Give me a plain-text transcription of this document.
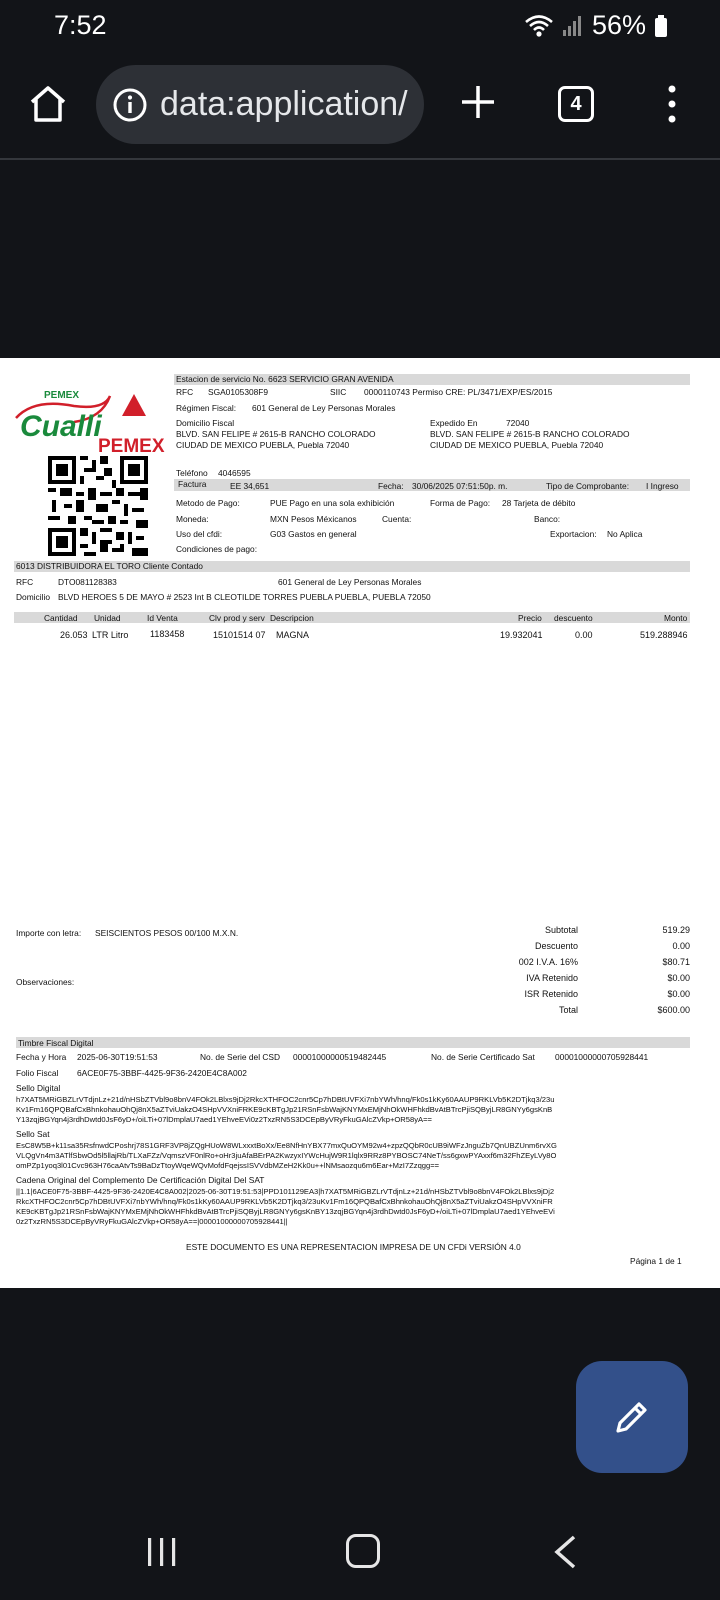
7:52	56%
data:application/	4
PEMEX
Cualli
PEMEX
Estacion de servicio No. 6623 SERVICIO GRAN AVENIDA
RFC SGA0105308F9	SIIC 0000110743 Permiso CRE: PL/3471/EXP/ES/2015
Régimen Fiscal: 601 General de Ley Personas Morales
Domicilio Fiscal
BLVD. SAN FELIPE # 2615-B RANCHO COLORADO
CIUDAD DE MEXICO PUEBLA, Puebla 72040
Expedido En	72040
BLVD. SAN FELIPE # 2615-B RANCHO COLORADO
CIUDAD DE MEXICO PUEBLA, Puebla 72040
Teléfono 4046595
Factura	EE 34,651	Fecha: 30/06/2025 07:51:50p. m.	Tipo de Comprobante: I Ingreso
Metodo de Pago:	PUE Pago en una sola exhibición	Forma de Pago: 28 Tarjeta de débito
Moneda:	MXN Pesos Méxicanos	Cuenta:	Banco:
Uso del cfdi:	G03 Gastos en general	Exportacion: No Aplica
Condiciones de pago:
6013 DISTRIBUIDORA EL TORO Cliente Contado
RFC	DTO081128383	601 General de Ley Personas Morales
Domicilio BLVD HEROES 5 DE MAYO # 2523 Int B CLEOTILDE TORRES PUEBLA PUEBLA, PUEBLA 72050
Cantidad Unidad	Id Venta	Clv prod y serv Descripcion	Precio descuento	Monto
26.053 LTR Litro 1183458	15101514 07 MAGNA	19.932041	0.00	519.288946
Importe con letra: SEISCIENTOS PESOS 00/100 M.X.N.
Observaciones:
Subtotal	519.29
Descuento	0.00
002 I.V.A. 16%	$80.71
IVA Retenido	$0.00
ISR Retenido	$0.00
Total	$600.00
Timbre Fiscal Digital
Fecha y Hora 2025-06-30T19:51:53	No. de Serie del CSD 00001000000519482445	No. de Serie Certificado Sat 00001000000705928441
Folio Fiscal 6ACE0F75-3BBF-4425-9F36-2420E4C8A002
Sello Digital
h7XAT5MRiGBZLrVTdjnLz+21d/nHSbZTVbl9o8bnV4FOk2LBlxs9jDj2RkcXTHFOC2cnr5Cp7hDBtUVFXi7nbYWh/hnq/Fk0s1kKy60AAUP9RKLVb5K2DTjkq3/23u
Kv1Fm16QPQBafCxBhnkohauOhQj8nX5aZTviUakzO4SHpVVXniFRKE9cKBTgJp21RSnFsbWajKNYMxEMjNhOkWHFhkdBvAtBTrcPjiSQByjLR8GNYy6gsKnB
Y13zqjBGYqn4j3rdhDwtd0JsF6yD+/oiLTi+07lDmplaU7aed1YEhveEVi0z2TxzRN5S3DCEpByVRyFkuGAlcZVkp+OR58yA==
Sello Sat
EsC8W5B+k11sa35RsfnwdCPoshrj78S1GRF3VP8jZQgHUoW8WLxxxtBoXx/Ee8NfHnYBX77mxQuOYM92w4+zpzQQbR0cUB9iWFzJnguZb7QnUBZUnm6rvXG
VLQgVn4m3ATlfSbwOd5l5llajRb/TLXaFZz/VqmszVF0nlRo+oHr3juAfaBErPA2KwzyxIYWcHujW9R1lqlx9RRz8PYBOSC74NeT/ss6gxwPYAxxf6m32FhZEyLVy8O
omPZp1yoq3l01Cvc963H76caAtvTs9BaDzTtoyWqeWQvMofdFqejssISVVdbMZeH2Kk0u++lNMsaozqu6m6Ear+MzI7Zzqgg==
Cadena Original del Complemento De Certificación Digital Del SAT
||1.1|6ACE0F75-3BBF-4425-9F36-2420E4C8A002|2025-06-30T19:51:53|PPD101129EA3|h7XAT5MRiGBZLrVTdjnLz+21d/nHSbZTVbl9o8bnV4FOk2LBlxs9jDj2
RkcXTHFOC2cnr5Cp7hDBtUVFXi7nbYWh/hnq/Fk0s1kKy60AAUP9RKLVb5K2DTjkq3/23uKv1Fm16QPQBafCxBhnkohauOhQj8nX5aZTviUakzO4SHpVVXniFR
KE9cKBTgJp21RSnFsbWajKNYMxEMjNhOkWHFhkdBvAtBTrcPjiSQByjLR8GNYy6gsKnBY13zqjBGYqn4j3rdhDwtd0JsF6yD+/oiLTi+07lDmplaU7aed1YEhveEVi
0z2TxzRN5S3DCEpByVRyFkuGAlcZVkp+OR58yA==|00001000000705928441||
ESTE DOCUMENTO ES UNA REPRESENTACION IMPRESA DE UN CFDi VERSIÓN 4.0
Página 1 de 1
